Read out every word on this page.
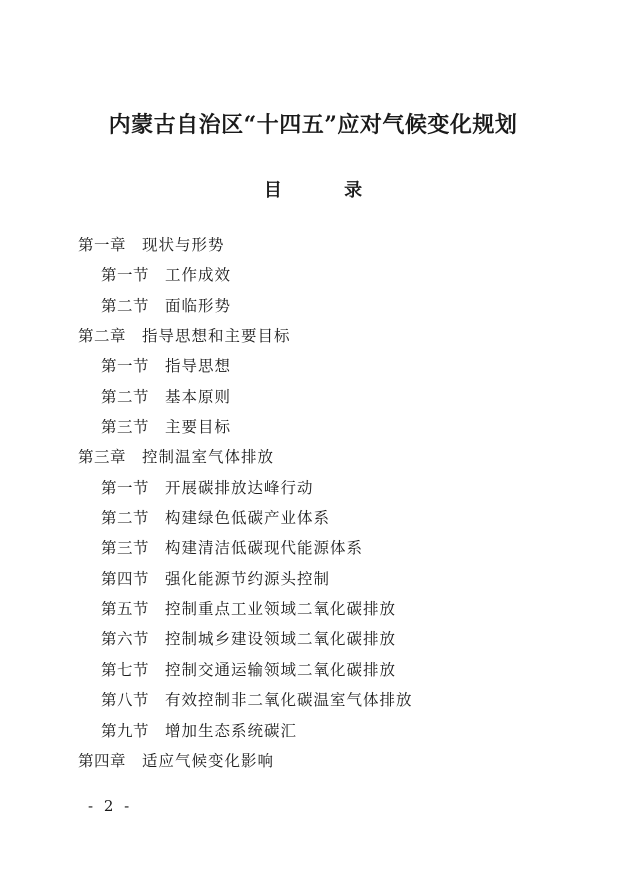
内蒙古自治区“十四五”应对气候变化规划
目 录
第一章 现状与形势
第一节 工作成效
第二节 面临形势
第二章 指导思想和主要目标
第一节 指导思想
第二节 基本原则
第三节 主要目标
第三章 控制温室气体排放
第一节 开展碳排放达峰行动
第二节 构建绿色低碳产业体系
第三节 构建清洁低碳现代能源体系
第四节 强化能源节约源头控制
第五节 控制重点工业领域二氧化碳排放
第六节 控制城乡建设领域二氧化碳排放
第七节 控制交通运输领域二氧化碳排放
第八节 有效控制非二氧化碳温室气体排放
第九节 增加生态系统碳汇
第四章 适应气候变化影响

- 2 -
